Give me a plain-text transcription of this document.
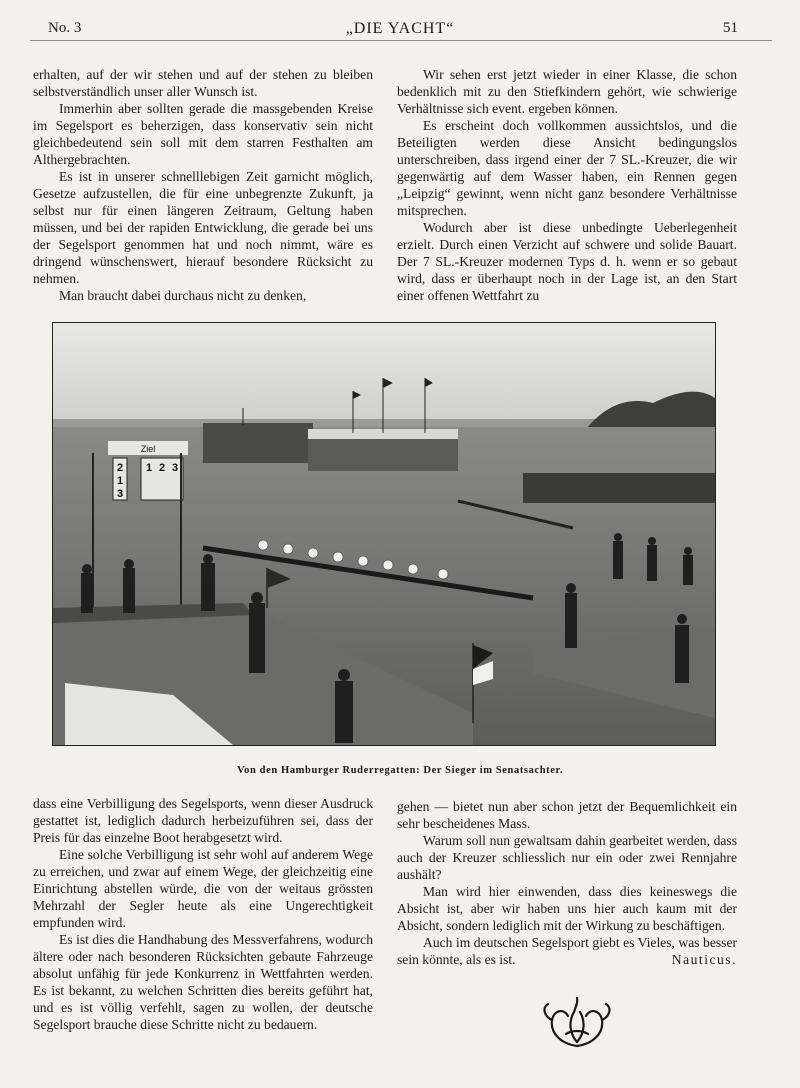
No. 3	„DIE YACHT“	51

erhalten, auf der wir stehen und auf der stehen zu bleiben selbstverständlich unser aller Wunsch ist.

Immerhin aber sollten gerade die massgebenden Kreise im Segelsport es beherzigen, dass konservativ sein nicht gleichbedeutend sein soll mit dem starren Festhalten am Althergebrachten.

Es ist in unserer schnelllebigen Zeit garnicht möglich, Gesetze aufzustellen, die für eine unbegrenzte Zukunft, ja selbst nur für einen längeren Zeitraum, Geltung haben müssen, und bei der rapiden Entwicklung, die gerade bei uns der Segelsport genommen hat und noch nimmt, wäre es dringend wünschenswert, hierauf besondere Rücksicht zu nehmen.

Man braucht dabei durchaus nicht zu denken,

Wir sehen erst jetzt wieder in einer Klasse, die schon bedenklich mit zu den Stiefkindern gehört, wie schwierige Verhältnisse sich event. ergeben können.

Es erscheint doch vollkommen aussichtslos, und die Beteiligten werden diese Ansicht bedingungslos unterschreiben, dass irgend einer der 7 SL.-Kreuzer, die wir gegenwärtig auf dem Wasser haben, ein Rennen gegen „Leipzig“ gewinnt, wenn nicht ganz besondere Verhältnisse mitsprechen.

Wodurch aber ist diese unbedingte Ueberlegenheit erzielt. Durch einen Verzicht auf schwere und solide Bauart. Der 7 SL.-Kreuzer modernen Typs d. h. wenn er so gebaut wird, dass er überhaupt noch in der Lage ist, an den Start einer offenen Wettfahrt zu

Ziel
2
1
3
1 2 3
Von den Hamburger Ruderregatten: Der Sieger im Senatsachter.

dass eine Verbilligung des Segelsports, wenn dieser Ausdruck gestattet ist, lediglich dadurch herbeizuführen sei, dass der Preis für das einzelne Boot herabgesetzt wird.

Eine solche Verbilligung ist sehr wohl auf anderem Wege zu erreichen, und zwar auf einem Wege, der gleichzeitig eine Einrichtung abstellen würde, die von der weitaus grössten Mehrzahl der Segler heute als eine Ungerechtigkeit empfunden wird.

Es ist dies die Handhabung des Messverfahrens, wodurch ältere oder nach besonderen Rücksichten gebaute Fahrzeuge absolut unfähig für jede Konkurrenz in Wettfahrten werden. Es ist bekannt, zu welchen Schritten dies bereits geführt hat, und es ist völlig verfehlt, sagen zu wollen, der deutsche Segelsport brauche diese Schritte nicht zu bedauern.

gehen — bietet nun aber schon jetzt der Bequemlichkeit ein sehr bescheidenes Mass.

Warum soll nun gewaltsam dahin gearbeitet werden, dass auch der Kreuzer schliesslich nur ein oder zwei Rennjahre aushält?

Man wird hier einwenden, dass dies keineswegs die Absicht ist, aber wir haben uns hier auch kaum mit der Absicht, sondern lediglich mit der Wirkung zu beschäftigen.

Auch im deutschen Segelsport giebt es Vieles, was besser sein könnte, als es ist.	Nauticus.
